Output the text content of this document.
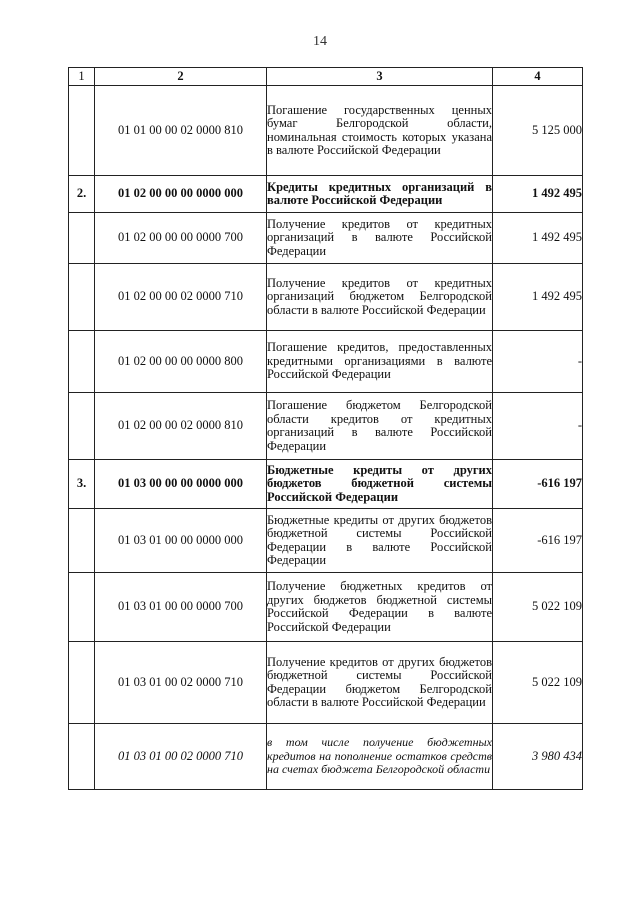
14
1	2	3	4
	01 01 00 00 02 0000 810	Погашение государственных ценных бумаг Белгородской области, номинальная стоимость которых указана в валюте Российской Федерации	5 125 000
2.	01 02 00 00 00 0000 000	Кредиты кредитных организаций в валюте Российской Федерации	1 492 495
	01 02 00 00 00 0000 700	Получение кредитов от кредитных организаций в валюте Российской Федерации	1 492 495
	01 02 00 00 02 0000 710	Получение кредитов от кредитных организаций бюджетом Белгородской области в валюте Российской Федерации	1 492 495
	01 02 00 00 00 0000 800	Погашение кредитов, предоставленных кредитными организациями в валюте Российской Федерации	-
	01 02 00 00 02 0000 810	Погашение бюджетом Белгородской области кредитов от кредитных организаций в валюте Российской Федерации	-
3.	01 03 00 00 00 0000 000	Бюджетные кредиты от других бюджетов бюджетной системы Российской Федерации	-616 197
	01 03 01 00 00 0000 000	Бюджетные кредиты от других бюджетов бюджетной системы Российской Федерации в валюте Российской Федерации	-616 197
	01 03 01 00 00 0000 700	Получение бюджетных кредитов от других бюджетов бюджетной системы Российской Федерации в валюте Российской Федерации	5 022 109
	01 03 01 00 02 0000 710	Получение кредитов от других бюджетов бюджетной системы Российской Федерации бюджетом Белгородской области в валюте Российской Федерации	5 022 109
	01 03 01 00 02 0000 710	в том числе получение бюджетных кредитов на пополнение остатков средств на счетах бюджета Белгородской области	3 980 434
